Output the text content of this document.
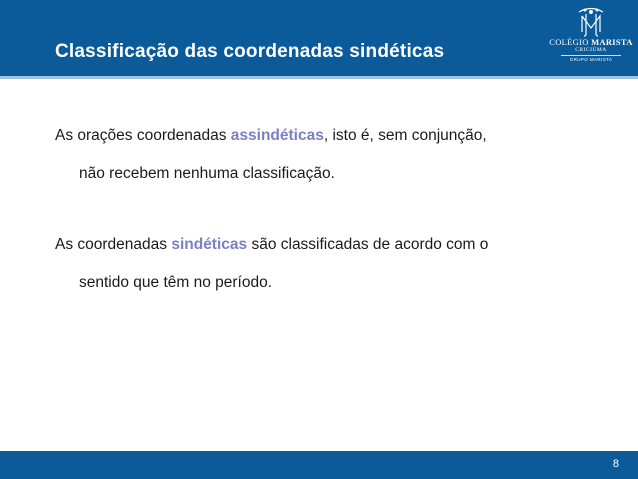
Classificação das coordenadas sindéticas	COLÉGIO MARISTA
CRICIÚMA
GRUPO MARISTA
As orações coordenadas assindéticas, isto é, sem conjunção,
não recebem nenhuma classificação.
As coordenadas sindéticas são classificadas de acordo com o
sentido que têm no período.
8
